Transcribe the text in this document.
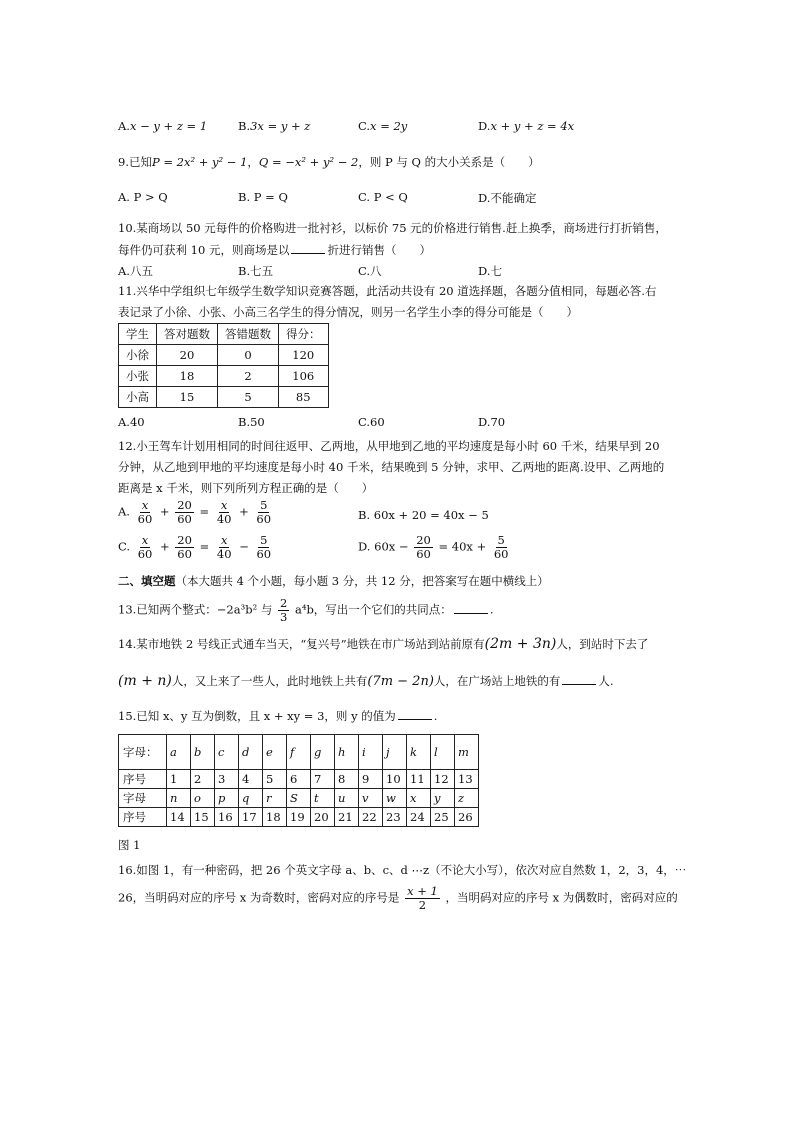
A.x − y + z = 1	B.3x = y + z	C.x = 2y	D.x + y + z = 4x
9.已知P = 2x² + y² − 1，Q = −x² + y² − 2，则 P 与 Q 的大小关系是（　　）
A. P > Q	B. P = Q	C. P < Q	D.不能确定
10.某商场以 50 元每件的价格购进一批衬衫，以标价 75 元的价格进行销售.赶上换季，商场进行打折销售，
每件仍可获利 10 元，则商场是以	折进行销售（　　）
A.八五	B.七五	C.八	D.七
11.兴华中学组织七年级学生数学知识竞赛答题，此活动共设有 20 道选择题，各题分值相同，每题必答.右
表记录了小徐、小张、小高三名学生的得分情况，则另一名学生小李的得分可能是（　　）
学生	答对题数	答错题数	得分：
小徐	20	0	120
小张	18	2	106
小高	15	5	85
A.40	B.50	C.60	D.70
12.小王驾车计划用相同的时间往返甲、乙两地，从甲地到乙地的平均速度是每小时 60 千米，结果早到 20
分钟，从乙地到甲地的平均速度是每小时 40 千米，结果晚到 5 分钟，求甲、乙两地的距离.设甲、乙两地的
距离是 x 千米，则下列所列方程正确的是（　　）
A. $\frac{x}{60} + \frac{20}{60} = \frac{x}{40} + \frac{5}{60}$	B. 60x + 20 = 40x − 5
C. $\frac{x}{60} + \frac{20}{60} = \frac{x}{40} - \frac{5}{60}$	D. $60x - \frac{20}{60} = 40x + \frac{5}{60}$
二、填空题（本大题共 4 个小题，每小题 3 分，共 12 分，把答案写在题中横线上）
13.已知两个整式：−2a³b² 与 $\frac{2}{3} a^4b$，写出一个它们的共同点：	.
14.某市地铁 2 号线正式通车当天，“复兴号”地铁在市广场站到站前原有(2m + 3n)人，到站时下去了
(m + n)人，又上来了一些人，此时地铁上共有(7m − 2n)人，在广场站上地铁的有	人.
15.已知 x、y 互为倒数，且 x + xy = 3，则 y 的值为	.
字母：	a	b	c	d	e	f	g	h	i	j	k	l	m
序号	1	2	3	4	5	6	7	8	9	10	11	12	13
字母	n	o	p	q	r	S	t	u	v	w	x	y	z
序号	14	15	16	17	18	19	20	21	22	23	24	25	26
图 1
16.如图 1，有一种密码，把 26 个英文字母 a、b、c、d ⋯z（不论大小写），依次对应自然数 1，2，3，4，⋯
26，当明码对应的序号 x 为奇数时，密码对应的序号是 $\frac{x + 1}{2}$ ，当明码对应的序号 x 为偶数时，密码对应的
